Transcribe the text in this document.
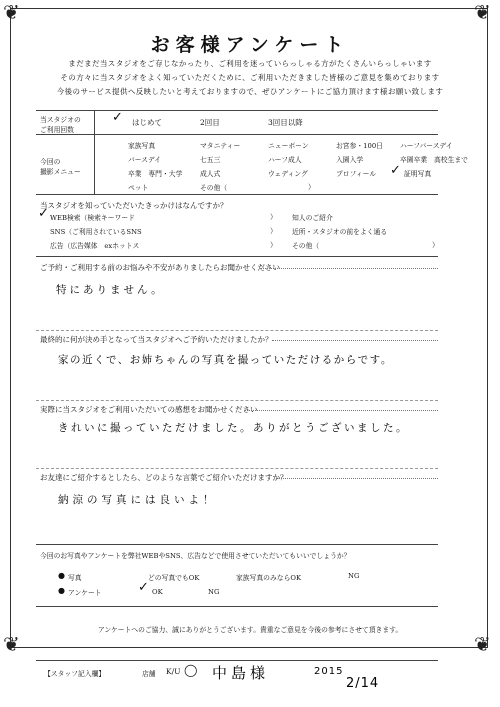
❦	❦
❦	❦
お客様アンケート
まだまだ当スタジオをご存じなかったり、ご利用を迷っていらっしゃる方がたくさんいらっしゃいます
その方々に当スタジオをよく知っていただくために、ご利用いただきました皆様のご意見を集めております
今後のサービス提供へ反映したいと考えておりますので、ぜひアンケートにご協力頂けます様お願い致します
当スタジオの
ご利用回数
✓ はじめて	2回目	3回目以降
今回の
撮影メニュー
家族写真	マタニティー	ニューボーン	お宮参・100日	ハーフバースデイ
バースデイ	七五三	ハーフ成人	入園入学	卒園卒業　高校生まで
卒業　専門・大学	成人式	ウェディング	プロフィール ✓ 証明写真
ペット	その他（	）
当スタジオを知っていただいたきっかけはなんですか？
✓ WEB検索（検索キーワード	）
SNS（ご利用されているSNS	）
広告（広告媒体　exホットス	）
知人のご紹介
近所・スタジオの前をよく通る
その他（	）
ご予約・ご利用する前のお悩みや不安がありましたらお聞かせください
特にありません。
最終的に何が決め手となって当スタジオへご予約いただけましたか？
家の近くで、お姉ちゃんの写真を撮っていただけるからです。
実際に当スタジオをご利用いただいての感想をお聞かせください
きれいに撮っていただけました。ありがとうございました。
お友達にご紹介するとしたら、どのような言葉でご紹介いただけますか？
納涼の写真には良いよ！
今回のお写真やアンケートを弊社WEBやSNS、広告などで使用させていただいてもいいでしょうか？
● 写真	どの写真でもOK	家族写真のみならOK	NG
● アンケート	✓ OK	NG
アンケートへのご協力、誠にありがとうございます。貴重なご意見を今後の参考にさせて頂きます。
【スタッフ記入欄】	店舗 K/U ◯ 中島様	2015
2/14
